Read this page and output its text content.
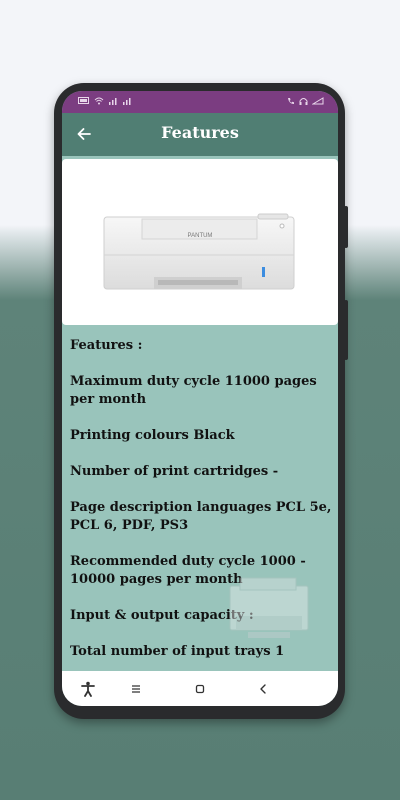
Features
PANTUM
Features :
Maximum duty cycle 11000 pages per month
Printing colours Black
Number of print cartridges -
Page description languages PCL 5e, PCL 6, PDF, PS3
Recommended duty cycle 1000 - 10000 pages per month
Input & output capacity :
Total number of input trays 1
